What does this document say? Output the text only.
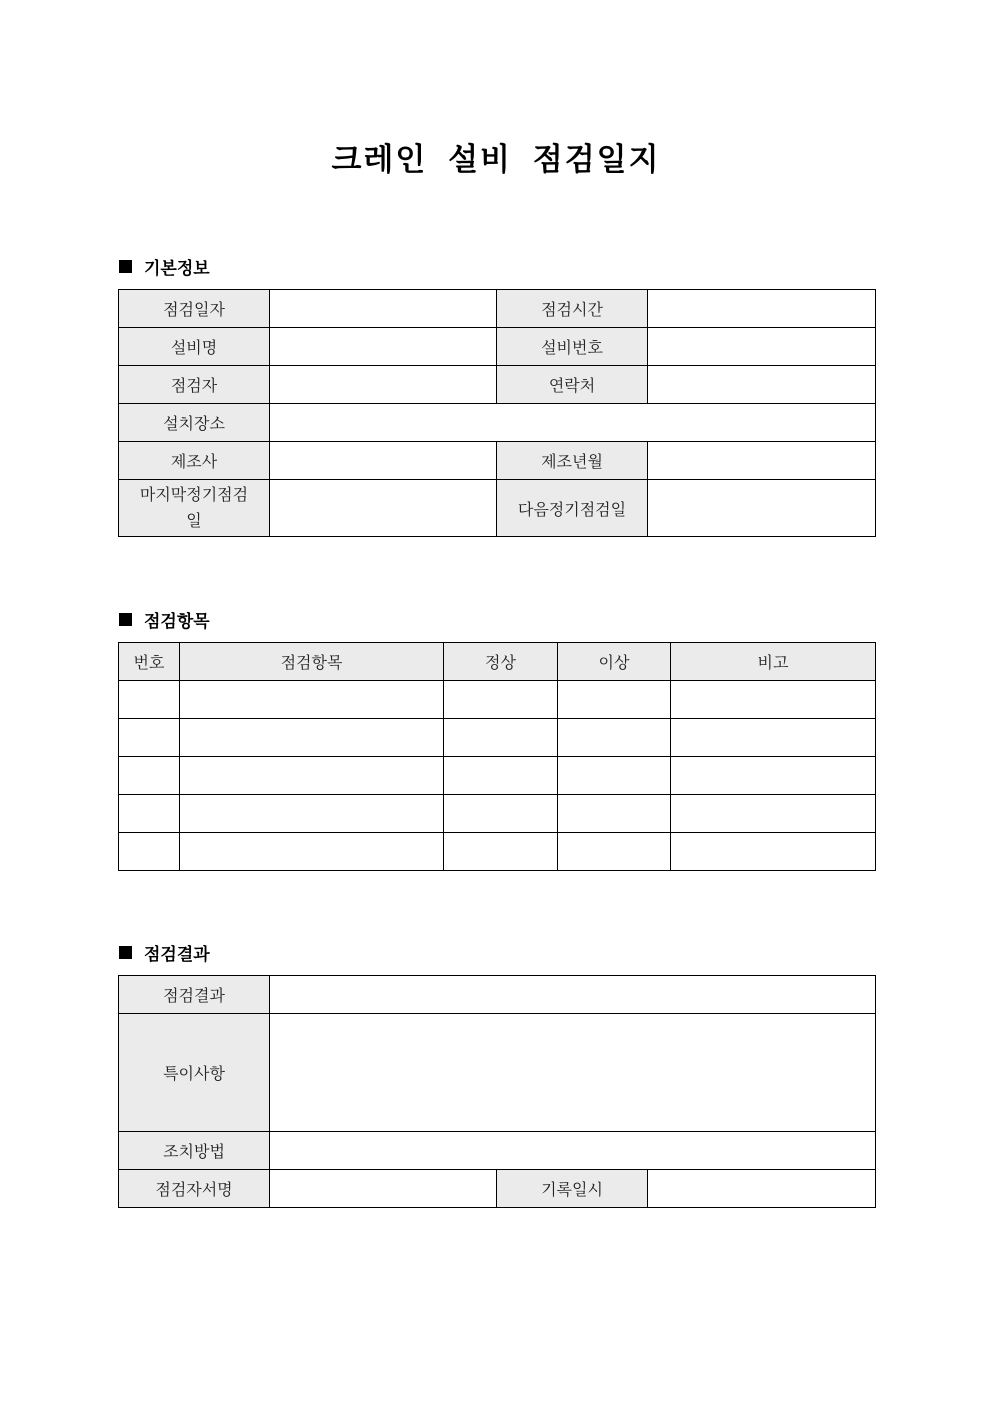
크레인 설비 점검일지
기본정보
점검일자		점검시간	
설비명		설비번호	
점검자		연락처	
설치장소			
제조사		제조년월	
마지막정기점검일		다음정기점검일	
점검항목
번호	점검항목	정상	이상	비고

점검결과
점검결과			
특이사항			
조치방법			
점검자서명		기록일시	
